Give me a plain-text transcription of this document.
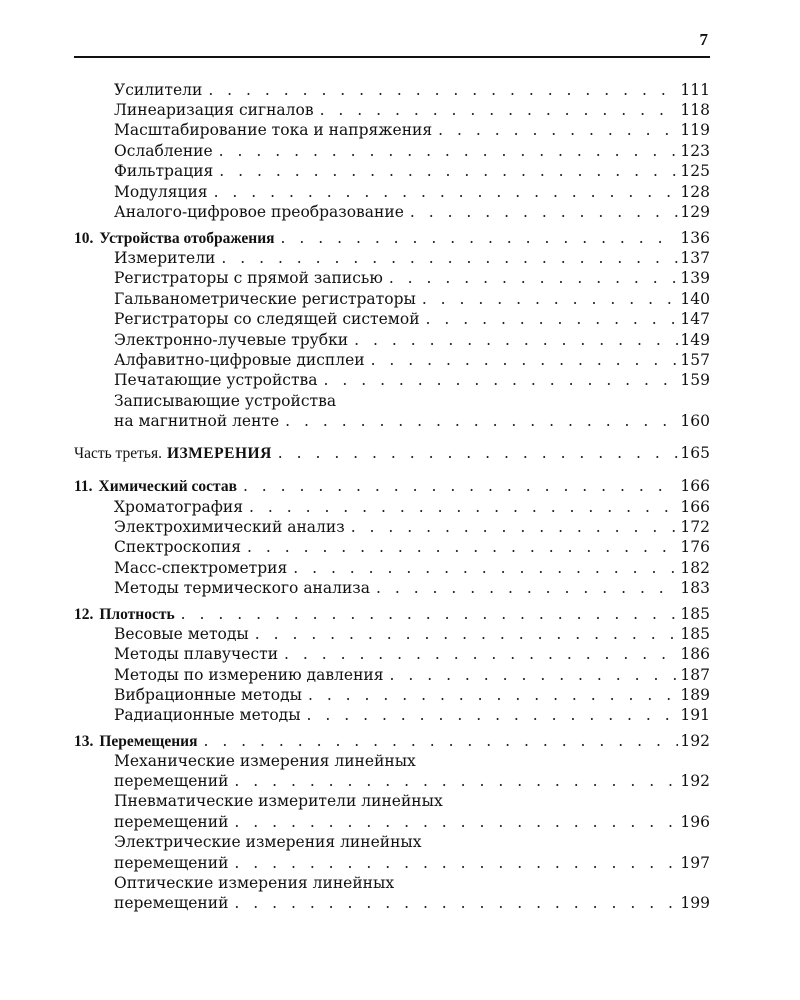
7
Усилители . . .	111
Линеаризация сигналов . . .	118
Масштабирование тока и напряжения . . .	119
Ослабление . . .	123
Фильтрация . . .	125
Модуляция . . .	128
Аналого-цифровое преобразование . . .	129
10. Устройства отображения . . .	136
Измерители . . .	137
Регистраторы с прямой записью . . .	139
Гальванометрические регистраторы . . .	140
Регистраторы со следящей системой . . .	147
Электронно-лучевые трубки . . .	149
Алфавитно-цифровые дисплеи . . .	157
Печатающие устройства . . .	159
Записывающие устройства
на магнитной ленте . . .	160
Часть третья. ИЗМЕРЕНИЯ . . .	165
11. Химический состав . . .	166
Хроматография . . .	166
Электрохимический анализ . . .	172
Спектроскопия . . .	176
Масс-спектрометрия . . .	182
Методы термического анализа . . .	183
12. Плотность . . .	185
Весовые методы . . .	185
Методы плавучести . . .	186
Методы по измерению давления . . .	187
Вибрационные методы . . .	189
Радиационные методы . . .	191
13. Перемещения . . .	192
Механические измерения линейных
перемещений . . .	192
Пневматические измерители линейных
перемещений . . .	196
Электрические измерения линейных
перемещений . . .	197
Оптические измерения линейных
перемещений . . .	199
